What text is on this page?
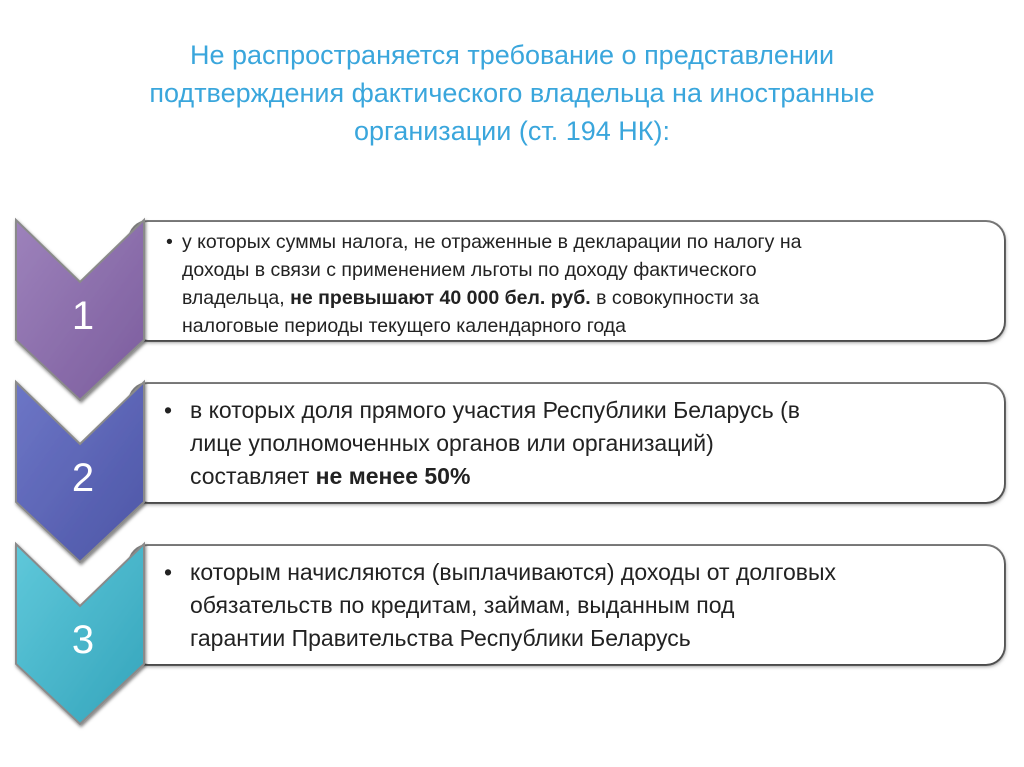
Не распространяется требование о представлении
подтверждения фактического владельца на иностранные
организации (ст. 194 НК):
• у которых суммы налога, не отраженные в декларации по налогу на
доходы в связи с применением льготы по доходу фактического
владельца, не превышают 40 000 бел. руб. в совокупности за
налоговые периоды текущего календарного года
• в которых доля прямого участия Республики Беларусь (в
лице уполномоченных органов или организаций)
составляет не менее 50%
• которым начисляются (выплачиваются) доходы от долговых
обязательств по кредитам, займам, выданным под
гарантии Правительства Республики Беларусь
1
2
3
